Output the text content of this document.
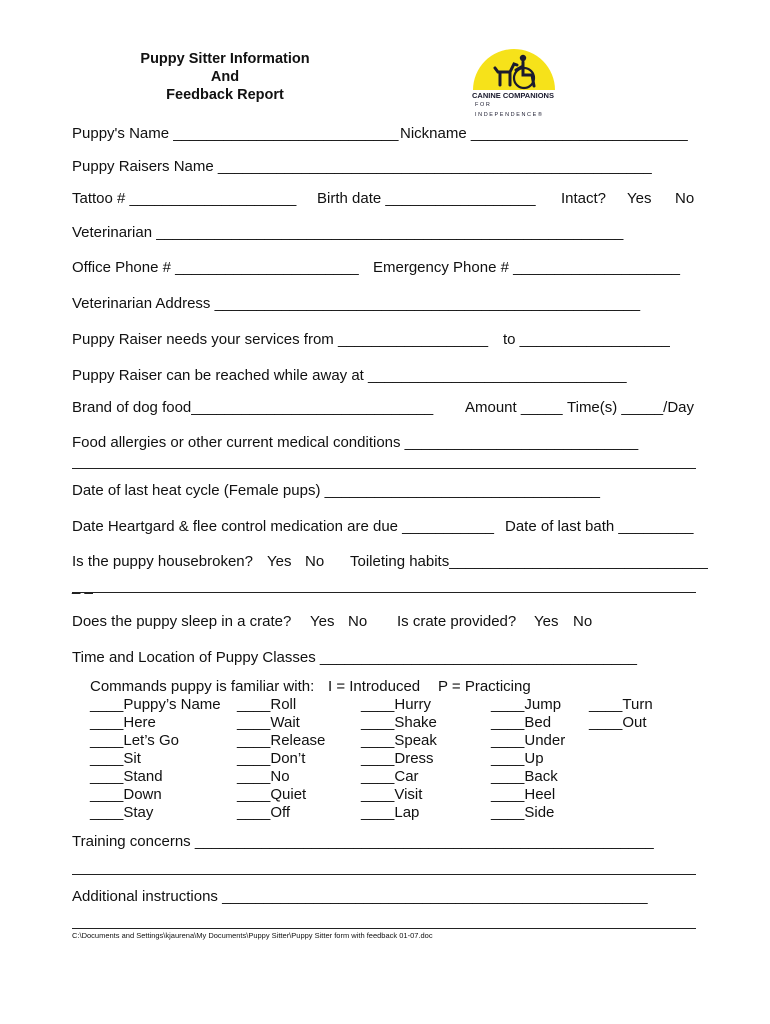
Puppy Sitter Information
And
Feedback Report	CANINE COMPANIONS
FOR INDEPENDENCE®
Puppy's Name ___________________________ Nickname __________________________
Puppy Raisers Name ____________________________________________________
Tattoo # ____________________ Birth date __________________ Intact? Yes No
Veterinarian ________________________________________________________
Office Phone # ______________________ Emergency Phone # ____________________
Veterinarian Address ___________________________________________________
Puppy Raiser needs your services from __________________ to __________________
Puppy Raiser can be reached while away at _______________________________
Brand of dog food_____________________________ Amount _____ Time(s) _____/Day
Food allergies or other current medical conditions ____________________________
Date of last heat cycle (Female pups) _________________________________
Date Heartgard & flee control medication are due ___________ Date of last bath _________
Is the puppy housebroken? Yes No Toileting habits_______________________________
_ _
Does the puppy sleep in a crate? Yes No Is crate provided? Yes No
Time and Location of Puppy Classes ______________________________________
Commands puppy is familiar with: I = Introduced P = Practicing
____Puppy’s Name
____Here
____Let’s Go
____Sit
____Stand
____Down
____Stay
____Roll
____Wait
____Release
____Don’t
____No
____Quiet
____Off
____Hurry
____Shake
____Speak
____Dress
____Car
____Visit
____Lap
____Jump
____Bed
____Under
____Up
____Back
____Heel
____Side
____Turn
____Out
Training concerns _______________________________________________________
Additional instructions ___________________________________________________
C:\Documents and Settings\kjaurena\My Documents\Puppy Sitter\Puppy Sitter form with feedback 01-07.doc
